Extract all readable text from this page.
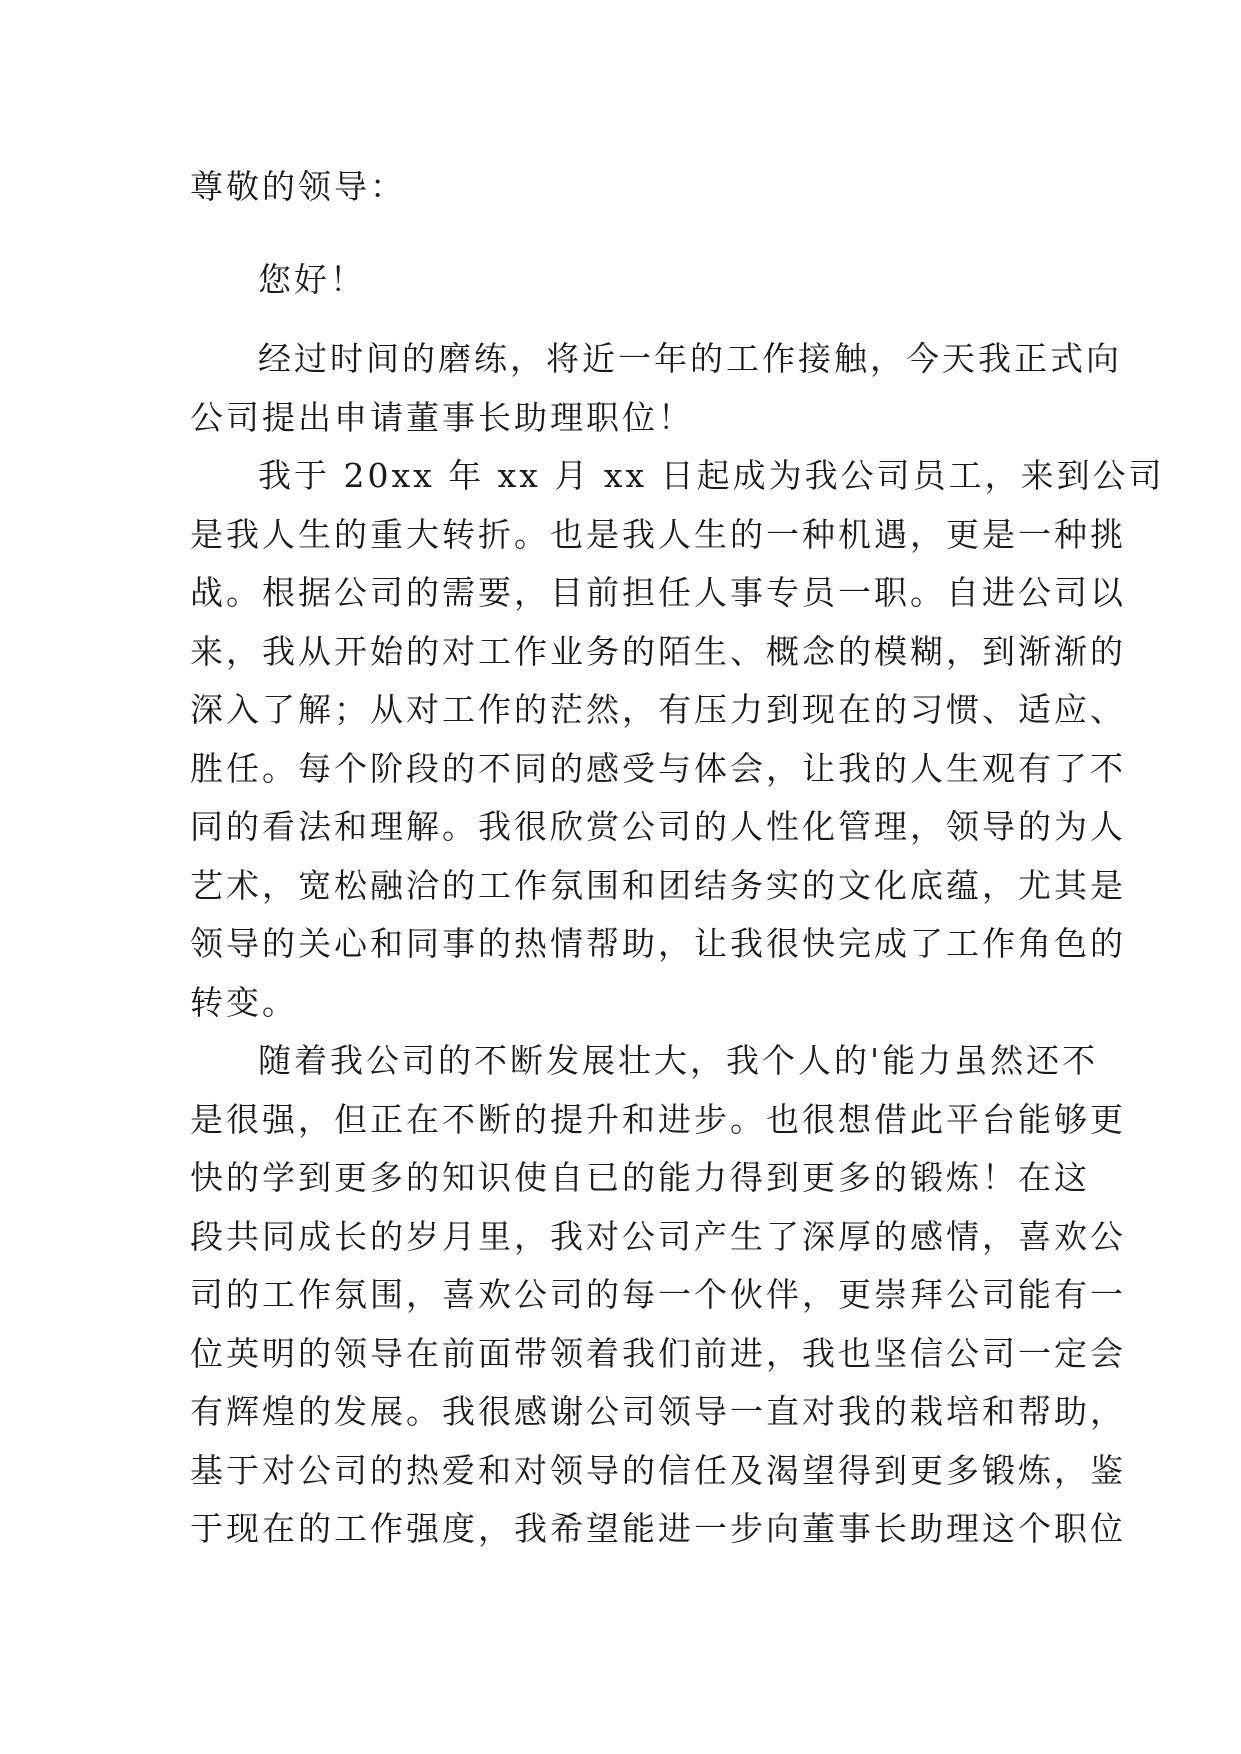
尊敬的领导：
您好！
经过时间的磨练，将近一年的工作接触，今天我正式向
公司提出申请董事长助理职位！
我于 20xx 年 xx 月 xx 日起成为我公司员工，来到公司
是我人生的重大转折。也是我人生的一种机遇，更是一种挑
战。根据公司的需要，目前担任人事专员一职。自进公司以
来，我从开始的对工作业务的陌生、概念的模糊，到渐渐的
深入了解；从对工作的茫然，有压力到现在的习惯、适应、
胜任。每个阶段的不同的感受与体会，让我的人生观有了不
同的看法和理解。我很欣赏公司的人性化管理，领导的为人
艺术，宽松融洽的工作氛围和团结务实的文化底蕴，尤其是
领导的关心和同事的热情帮助，让我很快完成了工作角色的
转变。
随着我公司的不断发展壮大，我个人的'能力虽然还不
是很强，但正在不断的提升和进步。也很想借此平台能够更
快的学到更多的知识使自已的能力得到更多的锻炼！在这
段共同成长的岁月里，我对公司产生了深厚的感情，喜欢公
司的工作氛围，喜欢公司的每一个伙伴，更崇拜公司能有一
位英明的领导在前面带领着我们前进，我也坚信公司一定会
有辉煌的发展。我很感谢公司领导一直对我的栽培和帮助，
基于对公司的热爱和对领导的信任及渴望得到更多锻炼，鉴
于现在的工作强度，我希望能进一步向董事长助理这个职位
